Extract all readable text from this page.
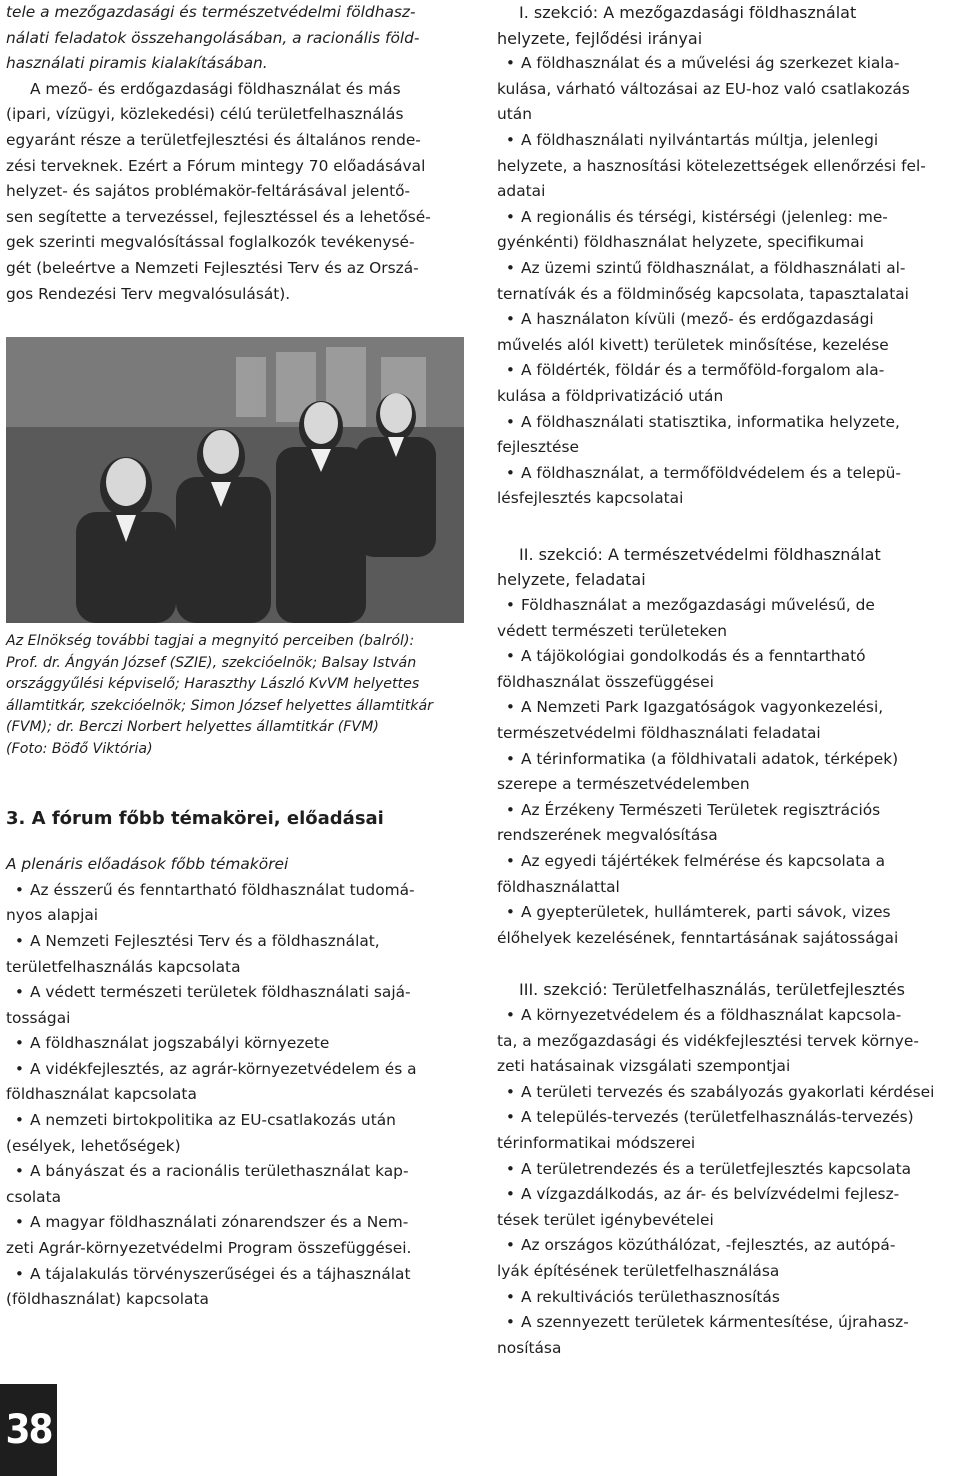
tele a mezőgazdasági és természetvédelmi földhasz-
nálati feladatok összehangolásában, a racionális föld-
használati piramis kialakításában.

A mező- és erdőgazdasági földhasználat és más
(ipari, vízügyi, közlekedési) célú területfelhasználás
egyaránt része a területfejlesztési és általános rende-
zési terveknek. Ezért a Fórum mintegy 70 előadásával
helyzet- és sajátos problémakör-feltárásával jelentő-
sen segítette a tervezéssel, fejlesztéssel és a lehetősé-
gek szerinti megvalósítással foglalkozók tevékenysé-
gét (beleértve a Nemzeti Fejlesztési Terv és az Orszá-
gos Rendezési Terv megvalósulását).

Az Elnökség további tagjai a megnyitó perceiben (balról):
Prof. dr. Ángyán József (SZIE), szekcióelnök; Balsay István
országgyűlési képviselő; Haraszthy László KvVM helyettes
államtitkár, szekcióelnök; Simon József helyettes államtitkár
(FVM); dr. Berczi Norbert helyettes államtitkár (FVM)
(Foto: Böđő Viktória)
3. A fórum főbb témakörei, előadásai
A plenáris előadások főbb témakörei

• Az ésszerű és fenntartható földhasználat tudomá-
nyos alapjai

• A Nemzeti Fejlesztési Terv és a földhasználat,
területfelhasználás kapcsolata

• A védett természeti területek földhasználati sajá-
tosságai

• A földhasználat jogszabályi környezete

• A vidékfejlesztés, az agrár-környezetvédelem és a
földhasználat kapcsolata

• A nemzeti birtokpolitika az EU-csatlakozás után
(esélyek, lehetőségek)

• A bányászat és a racionális területhasználat kap-
csolata

• A magyar földhasználati zónarendszer és a Nem-
zeti Agrár-környezetvédelmi Program összefüggései.

• A tájalakulás törvényszerűségei és a tájhasználat
(földhasználat) kapcsolata

I. szekció: A mezőgazdasági földhasználat
helyzete, fejlődési irányai

• A földhasználat és a művelési ág szerkezet kiala-
kulása, várható változásai az EU-hoz való csatlakozás
után

• A földhasználati nyilvántartás múltja, jelenlegi
helyzete, a hasznosítási kötelezettségek ellenőrzési fel-
adatai

• A regionális és térségi, kistérségi (jelenleg: me-
gyénkénti) földhasználat helyzete, specifikumai

• Az üzemi szintű földhasználat, a földhasználati al-
ternatívák és a földminőség kapcsolata, tapasztalatai

• A használaton kívüli (mező- és erdőgazdasági
művelés alól kivett) területek minősítése, kezelése

• A földérték, földár és a termőföld-forgalom ala-
kulása a földprivatizáció után

• A földhasználati statisztika, informatika helyzete,
fejlesztése

• A földhasználat, a termőföldvédelem és a telepü-
lésfejlesztés kapcsolatai

II. szekció: A természetvédelmi földhasználat
helyzete, feladatai

• Földhasználat a mezőgazdasági művelésű, de
védett természeti területeken

• A tájökológiai gondolkodás és a fenntartható
földhasználat összefüggései

• A Nemzeti Park Igazgatóságok vagyonkezelési,
természetvédelmi földhasználati feladatai

• A térinformatika (a földhivatali adatok, térképek)
szerepe a természetvédelemben

• Az Érzékeny Természeti Területek regisztrációs
rendszerének megvalósítása

• Az egyedi tájértékek felmérése és kapcsolata a
földhasználattal

• A gyepterületek, hullámterek, parti sávok, vizes
élőhelyek kezelésének, fenntartásának sajátosságai

III. szekció: Területfelhasználás, területfejlesztés

• A környezetvédelem és a földhasználat kapcsola-
ta, a mezőgazdasági és vidékfejlesztési tervek környe-
zeti hatásainak vizsgálati szempontjai

• A területi tervezés és szabályozás gyakorlati kérdései

• A település-tervezés (területfelhasználás-tervezés)
térinformatikai módszerei

• A területrendezés és a területfejlesztés kapcsolata

• A vízgazdálkodás, az ár- és belvízvédelmi fejlesz-
tések terület igénybevételei

• Az országos közúthálózat, -fejlesztés, az autópá-
lyák építésének területfelhasználása

• A rekultivációs területhasznosítás

• A szennyezett területek kármentesítése, újrahasz-
nosítása

38
